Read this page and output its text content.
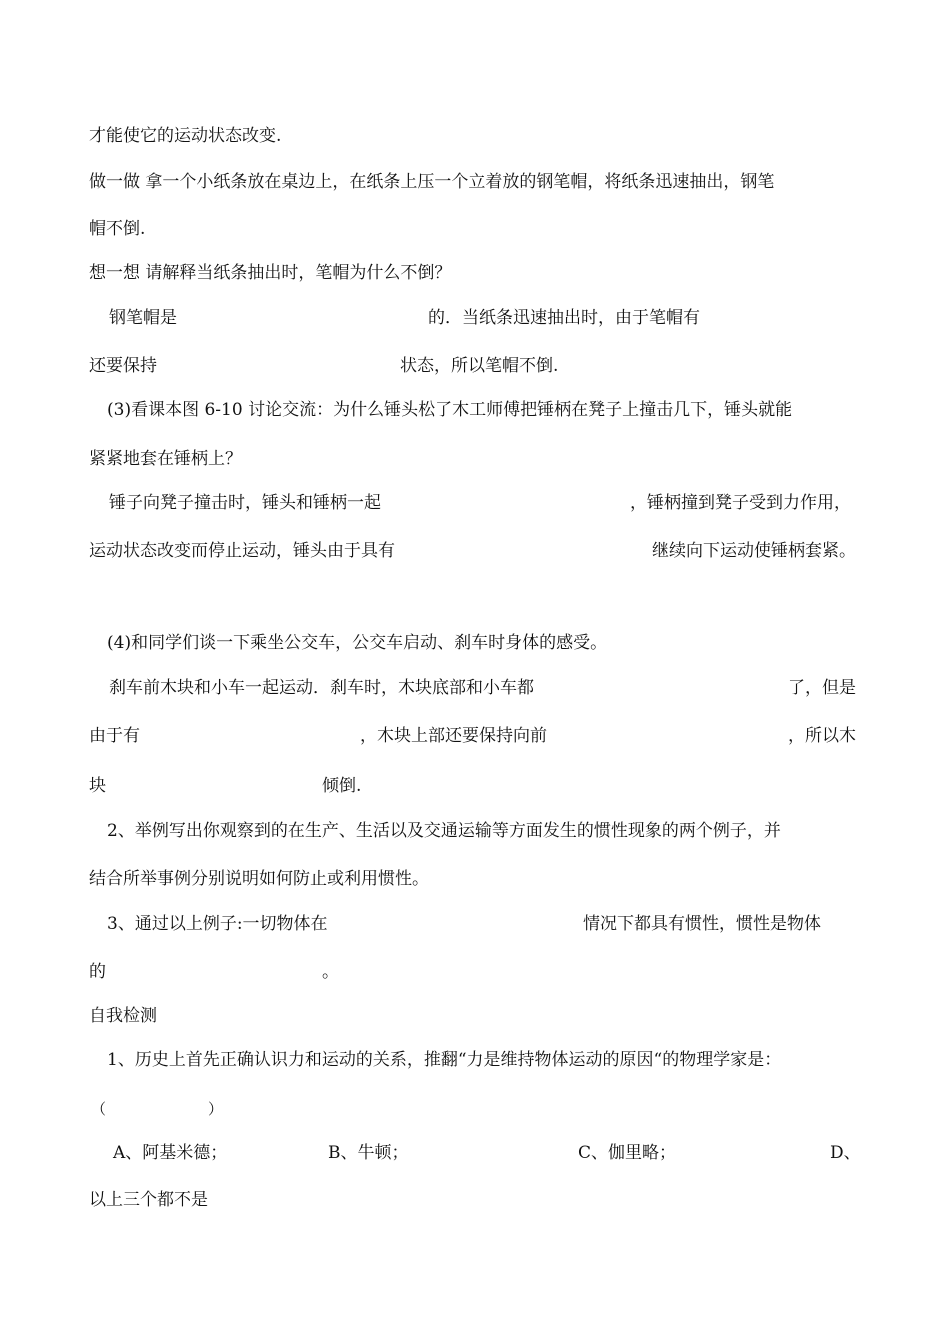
才能使它的运动状态改变.
做一做 拿一个小纸条放在桌边上，在纸条上压一个立着放的钢笔帽，将纸条迅速抽出，钢笔
帽不倒.
想一想 请解释当纸条抽出时，笔帽为什么不倒？
钢笔帽是	的．当纸条迅速抽出时，由于笔帽有
还要保持	状态，所以笔帽不倒.
(3)看课本图 6-10 讨论交流：为什么锤头松了木工师傅把锤柄在凳子上撞击几下，锤头就能
紧紧地套在锤柄上？
锤子向凳子撞击时，锤头和锤柄一起	，锤柄撞到凳子受到力作用，
运动状态改变而停止运动，锤头由于具有	继续向下运动使锤柄套紧。
(4)和同学们谈一下乘坐公交车，公交车启动、刹车时身体的感受。
刹车前木块和小车一起运动．刹车时，木块底部和小车都	了，但是
由于有	，木块上部还要保持向前	，所以木
块	倾倒.
2、举例写出你观察到的在生产、生活以及交通运输等方面发生的惯性现象的两个例子，并
结合所举事例分别说明如何防止或利用惯性。
3、通过以上例子:一切物体在	情况下都具有惯性，惯性是物体
的	。
自我检测
1、历史上首先正确认识力和运动的关系，推翻“力是维持物体运动的原因“的物理学家是：
（	）
A、阿基米德；	B、牛顿；	C、伽里略；	D、
以上三个都不是
